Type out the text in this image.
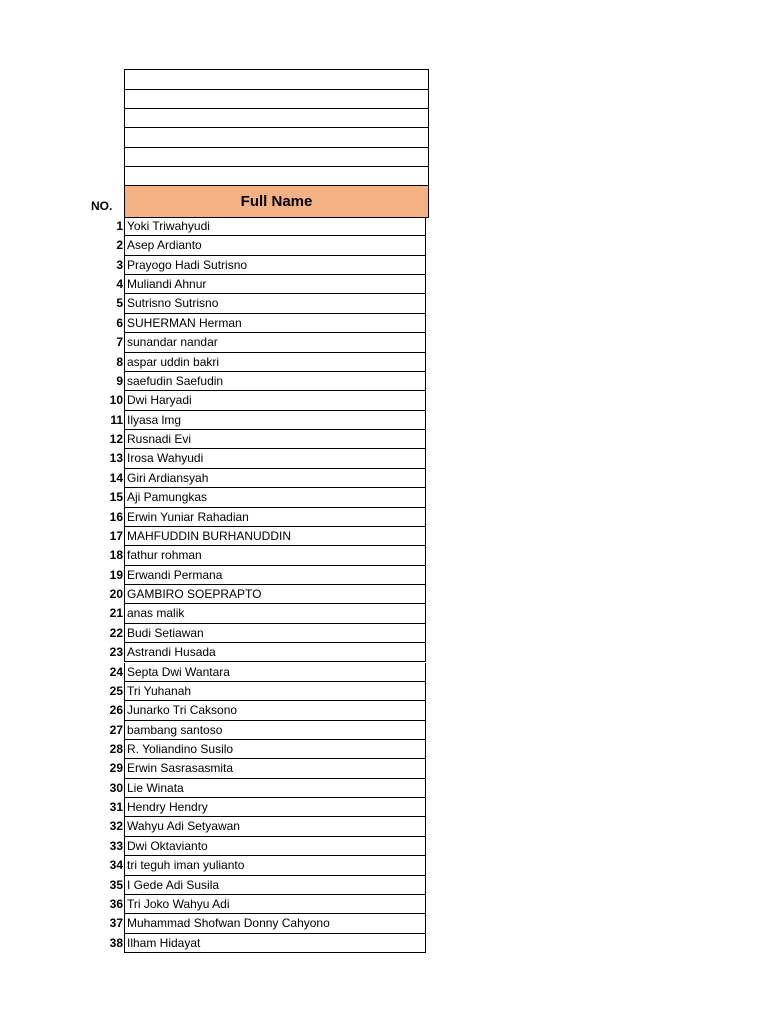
NO.	Full Name
1 Yoki Triwahyudi
2 Asep Ardianto
3 Prayogo Hadi Sutrisno
4 Muliandi Ahnur
5 Sutrisno Sutrisno
6 SUHERMAN Herman
7 sunandar nandar
8 aspar uddin bakri
9 saefudin Saefudin
10 Dwi Haryadi
11 Ilyasa lmg
12 Rusnadi Evi
13 Irosa Wahyudi
14 Giri Ardiansyah
15 Aji Pamungkas
16 Erwin Yuniar Rahadian
17 MAHFUDDIN BURHANUDDIN
18 fathur rohman
19 Erwandi Permana
20 GAMBIRO SOEPRAPTO
21 anas malik
22 Budi Setiawan
23 Astrandi Husada
24 Septa Dwi Wantara
25 Tri Yuhanah
26 Junarko Tri Caksono
27 bambang santoso
28 R. Yoliandino Susilo
29 Erwin Sasrasasmita
30 Lie Winata
31 Hendry Hendry
32 Wahyu Adi Setyawan
33 Dwi Oktavianto
34 tri teguh iman yulianto
35 I Gede Adi Susila
36 Tri Joko Wahyu Adi
37 Muhammad Shofwan Donny Cahyono
38 Ilham Hidayat
